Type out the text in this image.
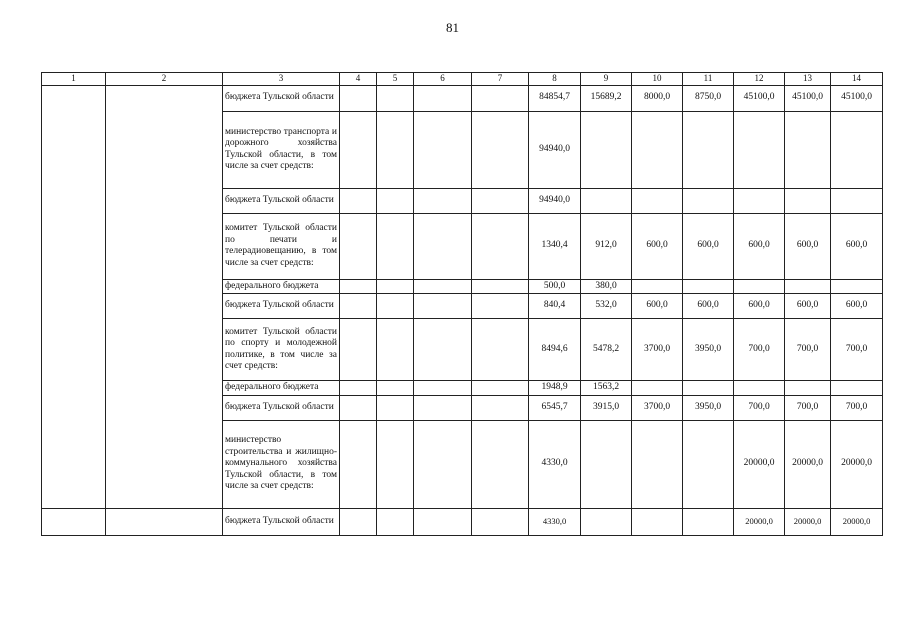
81
1	2	3	4	5	6	7	8	9	10	11	12	13	14
		бюджета Тульской области					84854,7	15689,2	8000,0	8750,0	45100,0	45100,0	45100,0
		министерство транспорта и дорожного хозяйства Тульской области, в том числе за счет средств:					94940,0						
		бюджета Тульской области					94940,0						
		комитет Тульской области по печати и телерадиовещанию, в том числе за счет средств:					1340,4	912,0	600,0	600,0	600,0	600,0	600,0
		федерального бюджета					500,0	380,0					
		бюджета Тульской области					840,4	532,0	600,0	600,0	600,0	600,0	600,0
		комитет Тульской области по спорту и молодежной политике, в том числе за счет средств:					8494,6	5478,2	3700,0	3950,0	700,0	700,0	700,0
		федерального бюджета					1948,9	1563,2					
		бюджета Тульской области					6545,7	3915,0	3700,0	3950,0	700,0	700,0	700,0
		министерство строительства и жилищно-коммунального хозяйства Тульской области, в том числе за счет средств:					4330,0				20000,0	20000,0	20000,0
		бюджета Тульской области					4330,0				20000,0	20000,0	20000,0
